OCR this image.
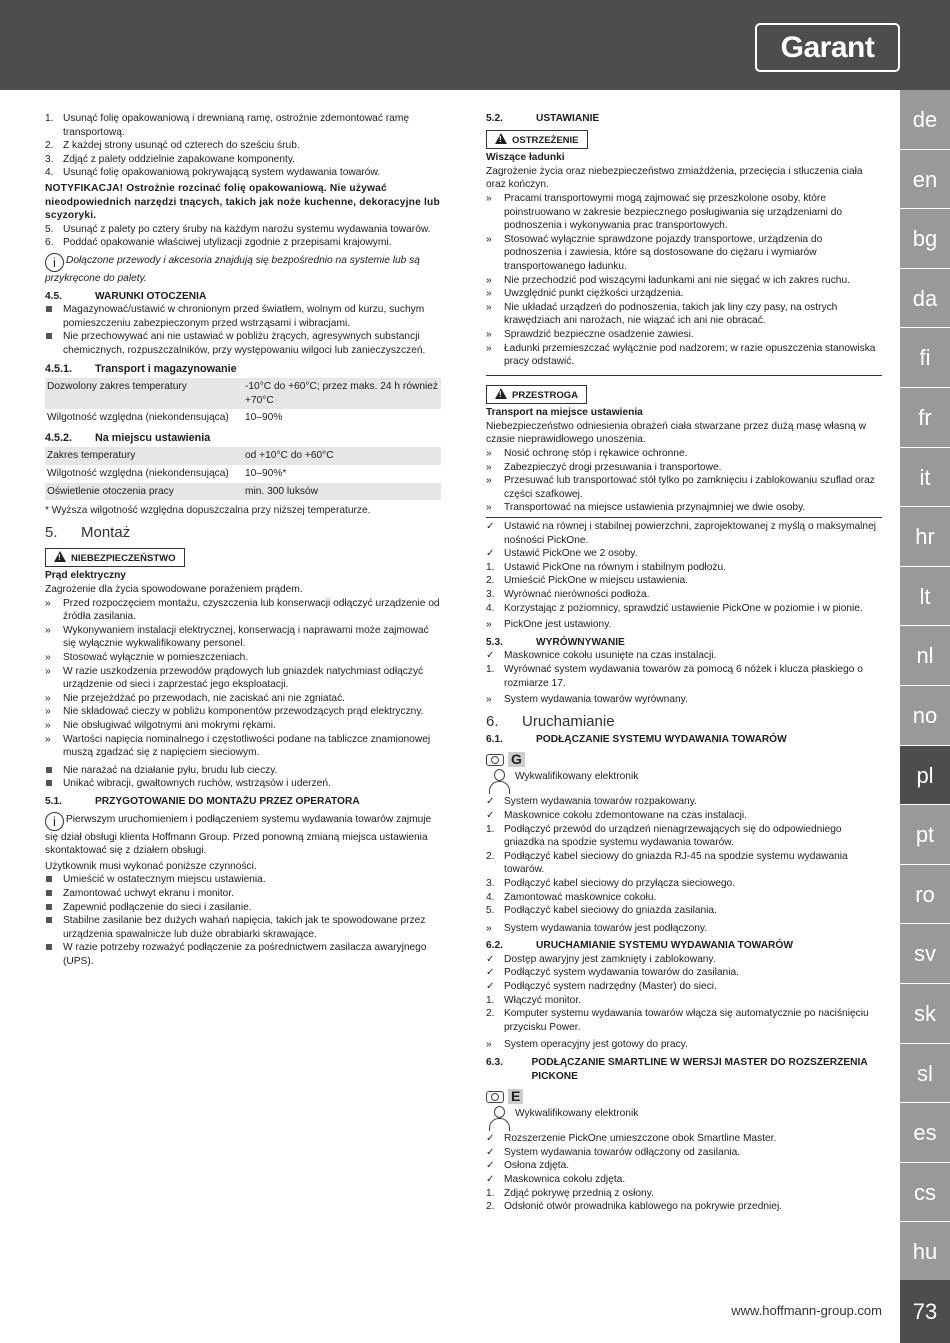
Garant
de
en
bg
da
fi
fr
it
hr
lt
nl
no
pl
pt
ro
sv
sk
sl
es
cs
hu
73
www.hoffmann-group.com
1. Usunąć folię opakowaniową i drewnianą ramę, ostrożnie zdemontować ramę transportową.
2. Z każdej strony usunąć od czterech do sześciu śrub.
3. Zdjąć z palety oddzielnie zapakowane komponenty.
4. Usunąć folię opakowaniową pokrywającą system wydawania towarów.
NOTYFIKACJA! Ostrożnie rozcinać folię opakowaniową. Nie używać nieodpowiednich narzędzi tnących, takich jak noże kuchenne, dekoracyjne lub scyzoryki.
5. Usunąć z palety po cztery śruby na każdym narożu systemu wydawania towarów.
6. Poddać opakowanie właściwej utylizacji zgodnie z przepisami krajowymi.
i Dołączone przewody i akcesoria znajdują się bezpośrednio na systemie lub są przykręcone do palety.
4.5.	WARUNKI OTOCZENIA
Magazynować/ustawić w chronionym przed światłem, wolnym od kurzu, suchym pomieszczeniu zabezpieczonym przed wstrząsami i wibracjami.
Nie przechowywać ani nie ustawiać w pobliżu żrących, agresywnych substancji chemicznych, rozpuszczalników, przy występowaniu wilgoci lub zanieczyszczeń.
4.5.1.	Transport i magazynowanie
Dozwolony zakres temperatury	-10°C do +60°C; przez maks. 24 h również +70°C
Wilgotność względna (niekondensująca)	10–90%
4.5.2.	Na miejscu ustawienia
Zakres temperatury	od +10°C do +60°C
Wilgotność względna (niekondensująca)	10–90%*
Oświetlenie otoczenia pracy	min. 300 luksów
* Wyższa wilgotność względna dopuszczalna przy niższej temperaturze.
5. Montaż
!NIEBEZPIECZEŃSTWO
Prąd elektryczny
Zagrożenie dla życia spowodowane porażeniem prądem.
»	Przed rozpoczęciem montażu, czyszczenia lub konserwacji odłączyć urządzenie od źródła zasilania.
»	Wykonywaniem instalacji elektrycznej, konserwacją i naprawami może zajmować się wyłącznie wykwalifikowany personel.
»	Stosować wyłącznie w pomieszczeniach.
»	W razie uszkodzenia przewodów prądowych lub gniazdek natychmiast odłączyć urządzenie od sieci i zaprzestać jego eksploatacji.
»	Nie przejeżdżać po przewodach, nie zaciskać ani nie zgniatać.
»	Nie składować cieczy w pobliżu komponentów przewodzących prąd elektryczny.
»	Nie obsługiwać wilgotnymi ani mokrymi rękami.
»	Wartości napięcia nominalnego i częstotliwości podane na tabliczce znamionowej muszą zgadzać się z napięciem sieciowym.
Nie narażać na działanie pyłu, brudu lub cieczy.
Unikać wibracji, gwałtownych ruchów, wstrząsów i uderzeń.
5.1.	PRZYGOTOWANIE DO MONTAŻU PRZEZ OPERATORA
i Pierwszym uruchomieniem i podłączeniem systemu wydawania towarów zajmuje się dział obsługi klienta Hoffmann Group. Przed ponowną zmianą miejsca ustawienia skontaktować się z działem obsługi.
Użytkownik musi wykonać poniższe czynności.
Umieścić w ostatecznym miejscu ustawienia.
Zamontować uchwyt ekranu i monitor.
Zapewnić podłączenie do sieci i zasilanie.
Stabilne zasilanie bez dużych wahań napięcia, takich jak te spowodowane przez urządzenia spawalnicze lub duże obrabiarki skrawające.
W razie potrzeby rozważyć podłączenie za pośrednictwem zasilacza awaryjnego (UPS).
5.2.	USTAWIANIE
!OSTRZEŻENIE
Wiszące ładunki
Zagrożenie życia oraz niebezpieczeństwo zmiażdżenia, przecięcia i stłuczenia ciała oraz kończyn.
»	Pracami transportowymi mogą zajmować się przeszkolone osoby, które poinstruowano w zakresie bezpiecznego posługiwania się urządzeniami do podnoszenia i wykonywania prac transportowych.
»	Stosować wyłącznie sprawdzone pojazdy transportowe, urządzenia do podnoszenia i zawiesia, które są dostosowane do ciężaru i wymiarów transportowanego ładunku.
»	Nie przechodzić pod wiszącymi ładunkami ani nie sięgać w ich zakres ruchu.
»	Uwzględnić punkt ciężkości urządzenia.
»	Nie układać urządzeń do podnoszenia, takich jak liny czy pasy, na ostrych krawędziach ani narożach, nie wiązać ich ani nie obracać.
»	Sprawdzić bezpieczne osadzenie zawiesi.
»	Ładunki przemieszczać wyłącznie pod nadzorem; w razie opuszczenia stanowiska pracy odstawić.
!PRZESTROGA
Transport na miejsce ustawienia
Niebezpieczeństwo odniesienia obrażeń ciała stwarzane przez dużą masę własną w czasie nieprawidłowego unoszenia.
»	Nosić ochronę stóp i rękawice ochronne.
»	Zabezpieczyć drogi przesuwania i transportowe.
»	Przesuwać lub transportować stół tylko po zamknięciu i zablokowaniu szuflad oraz części szafkowej.
»	Transportować na miejsce ustawienia przynajmniej we dwie osoby.
✓ Ustawić na równej i stabilnej powierzchni, zaprojektowanej z myślą o maksymalnej nośności PickOne.
✓ Ustawić PickOne we 2 osoby.
1. Ustawić PickOne na równym i stabilnym podłożu.
2. Umieścić PickOne w miejscu ustawienia.
3. Wyrównać nierówności podłoża.
4. Korzystając z poziomnicy, sprawdzić ustawienie PickOne w poziomie i w pionie.
»	PickOne jest ustawiony.
5.3.	WYRÓWNYWANIE
✓ Maskownice cokołu usunięte na czas instalacji.
1. Wyrównać system wydawania towarów za pomocą 6 nóżek i klucza płaskiego o rozmiarze 17.
»	System wydawania towarów wyrównany.
6. Uruchamianie
6.1.	PODŁĄCZANIE SYSTEMU WYDAWANIA TOWARÓW
G
Wykwalifikowany elektronik
✓ System wydawania towarów rozpakowany.
✓ Maskownice cokołu zdemontowane na czas instalacji.
1. Podłączyć przewód do urządzeń nienagrzewających się do odpowiedniego gniazdka na spodzie systemu wydawania towarów.
2. Podłączyć kabel sieciowy do gniazda RJ-45 na spodzie systemu wydawania towarów.
3. Podłączyć kabel sieciowy do przyłącza sieciowego.
4. Zamontować maskownice cokołu.
5. Podłączyć kabel sieciowy do gniazda zasilania.
»	System wydawania towarów jest podłączony.
6.2.	URUCHAMIANIE SYSTEMU WYDAWANIA TOWARÓW
✓ Dostęp awaryjny jest zamknięty i zablokowany.
✓ Podłączyć system wydawania towarów do zasilania.
✓ Podłączyć system nadrzędny (Master) do sieci.
1. Włączyć monitor.
2. Komputer systemu wydawania towarów włącza się automatycznie po naciśnięciu przycisku Power.
»	System operacyjny jest gotowy do pracy.
6.3.	PODŁĄCZANIE SMARTLINE W WERSJI MASTER DO ROZSZERZENIA PICKONE
E
Wykwalifikowany elektronik
✓ Rozszerzenie PickOne umieszczone obok Smartline Master.
✓ System wydawania towarów odłączony od zasilania.
✓ Osłona zdjęta.
✓ Maskownica cokołu zdjęta.
1. Zdjąć pokrywę przednią z osłony.
2. Odsłonić otwór prowadnika kablowego na pokrywie przedniej.
